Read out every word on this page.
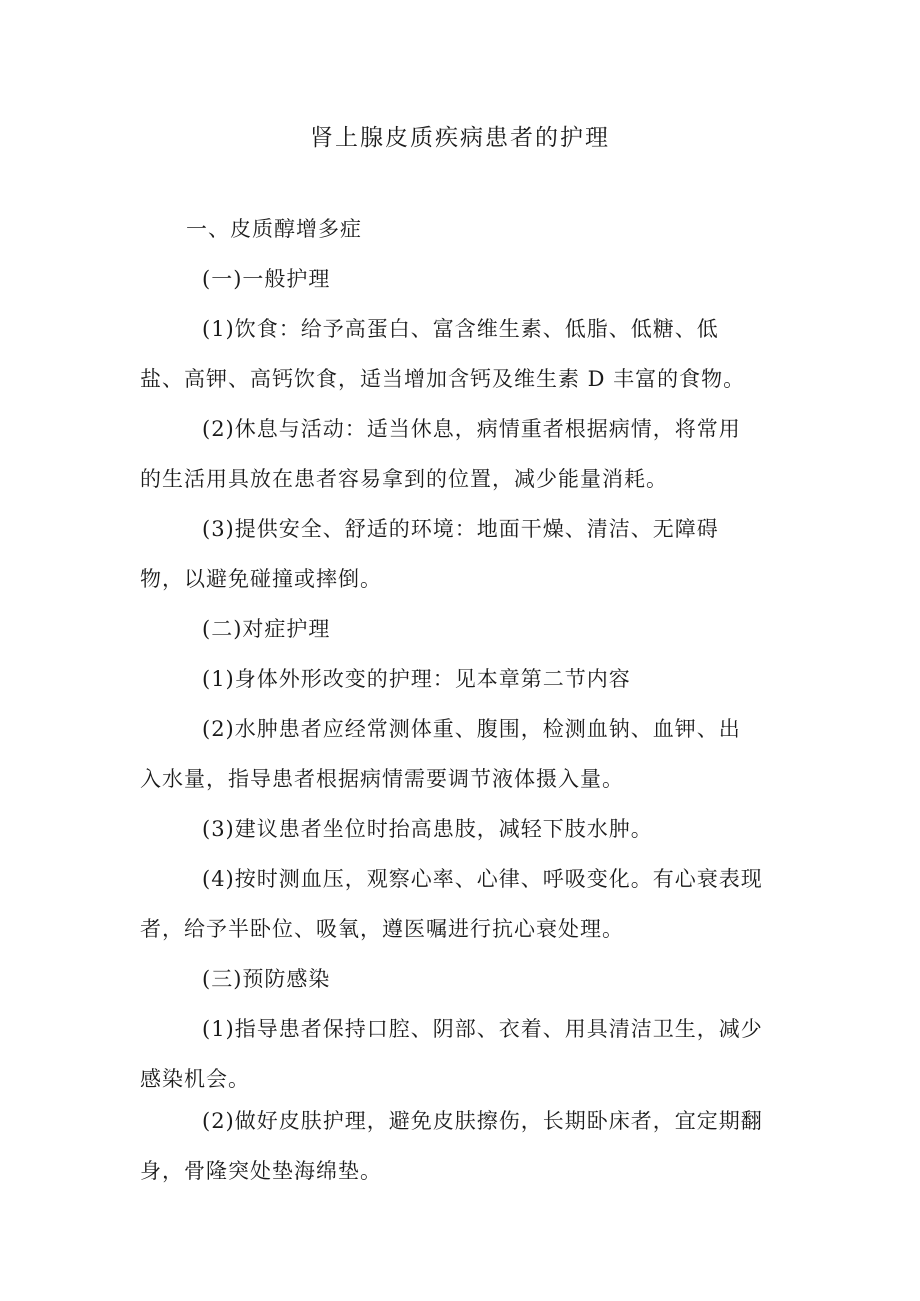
肾上腺皮质疾病患者的护理
一、皮质醇增多症
(一)一般护理
(1)饮食：给予高蛋白、富含维生素、低脂、低糖、低
盐、高钾、高钙饮食，适当增加含钙及维生素 D 丰富的食物。
(2)休息与活动：适当休息，病情重者根据病情，将常用
的生活用具放在患者容易拿到的位置，减少能量消耗。
(3)提供安全、舒适的环境：地面干燥、清洁、无障碍
物，以避免碰撞或摔倒。
(二)对症护理
(1)身体外形改变的护理：见本章第二节内容
(2)水肿患者应经常测体重、腹围，检测血钠、血钾、出
入水量，指导患者根据病情需要调节液体摄入量。
(3)建议患者坐位时抬高患肢，减轻下肢水肿。
(4)按时测血压，观察心率、心律、呼吸变化。有心衰表现
者，给予半卧位、吸氧，遵医嘱进行抗心衰处理。
(三)预防感染
(1)指导患者保持口腔、阴部、衣着、用具清洁卫生，减少
感染机会。
(2)做好皮肤护理，避免皮肤擦伤，长期卧床者，宜定期翻
身，骨隆突处垫海绵垫。
